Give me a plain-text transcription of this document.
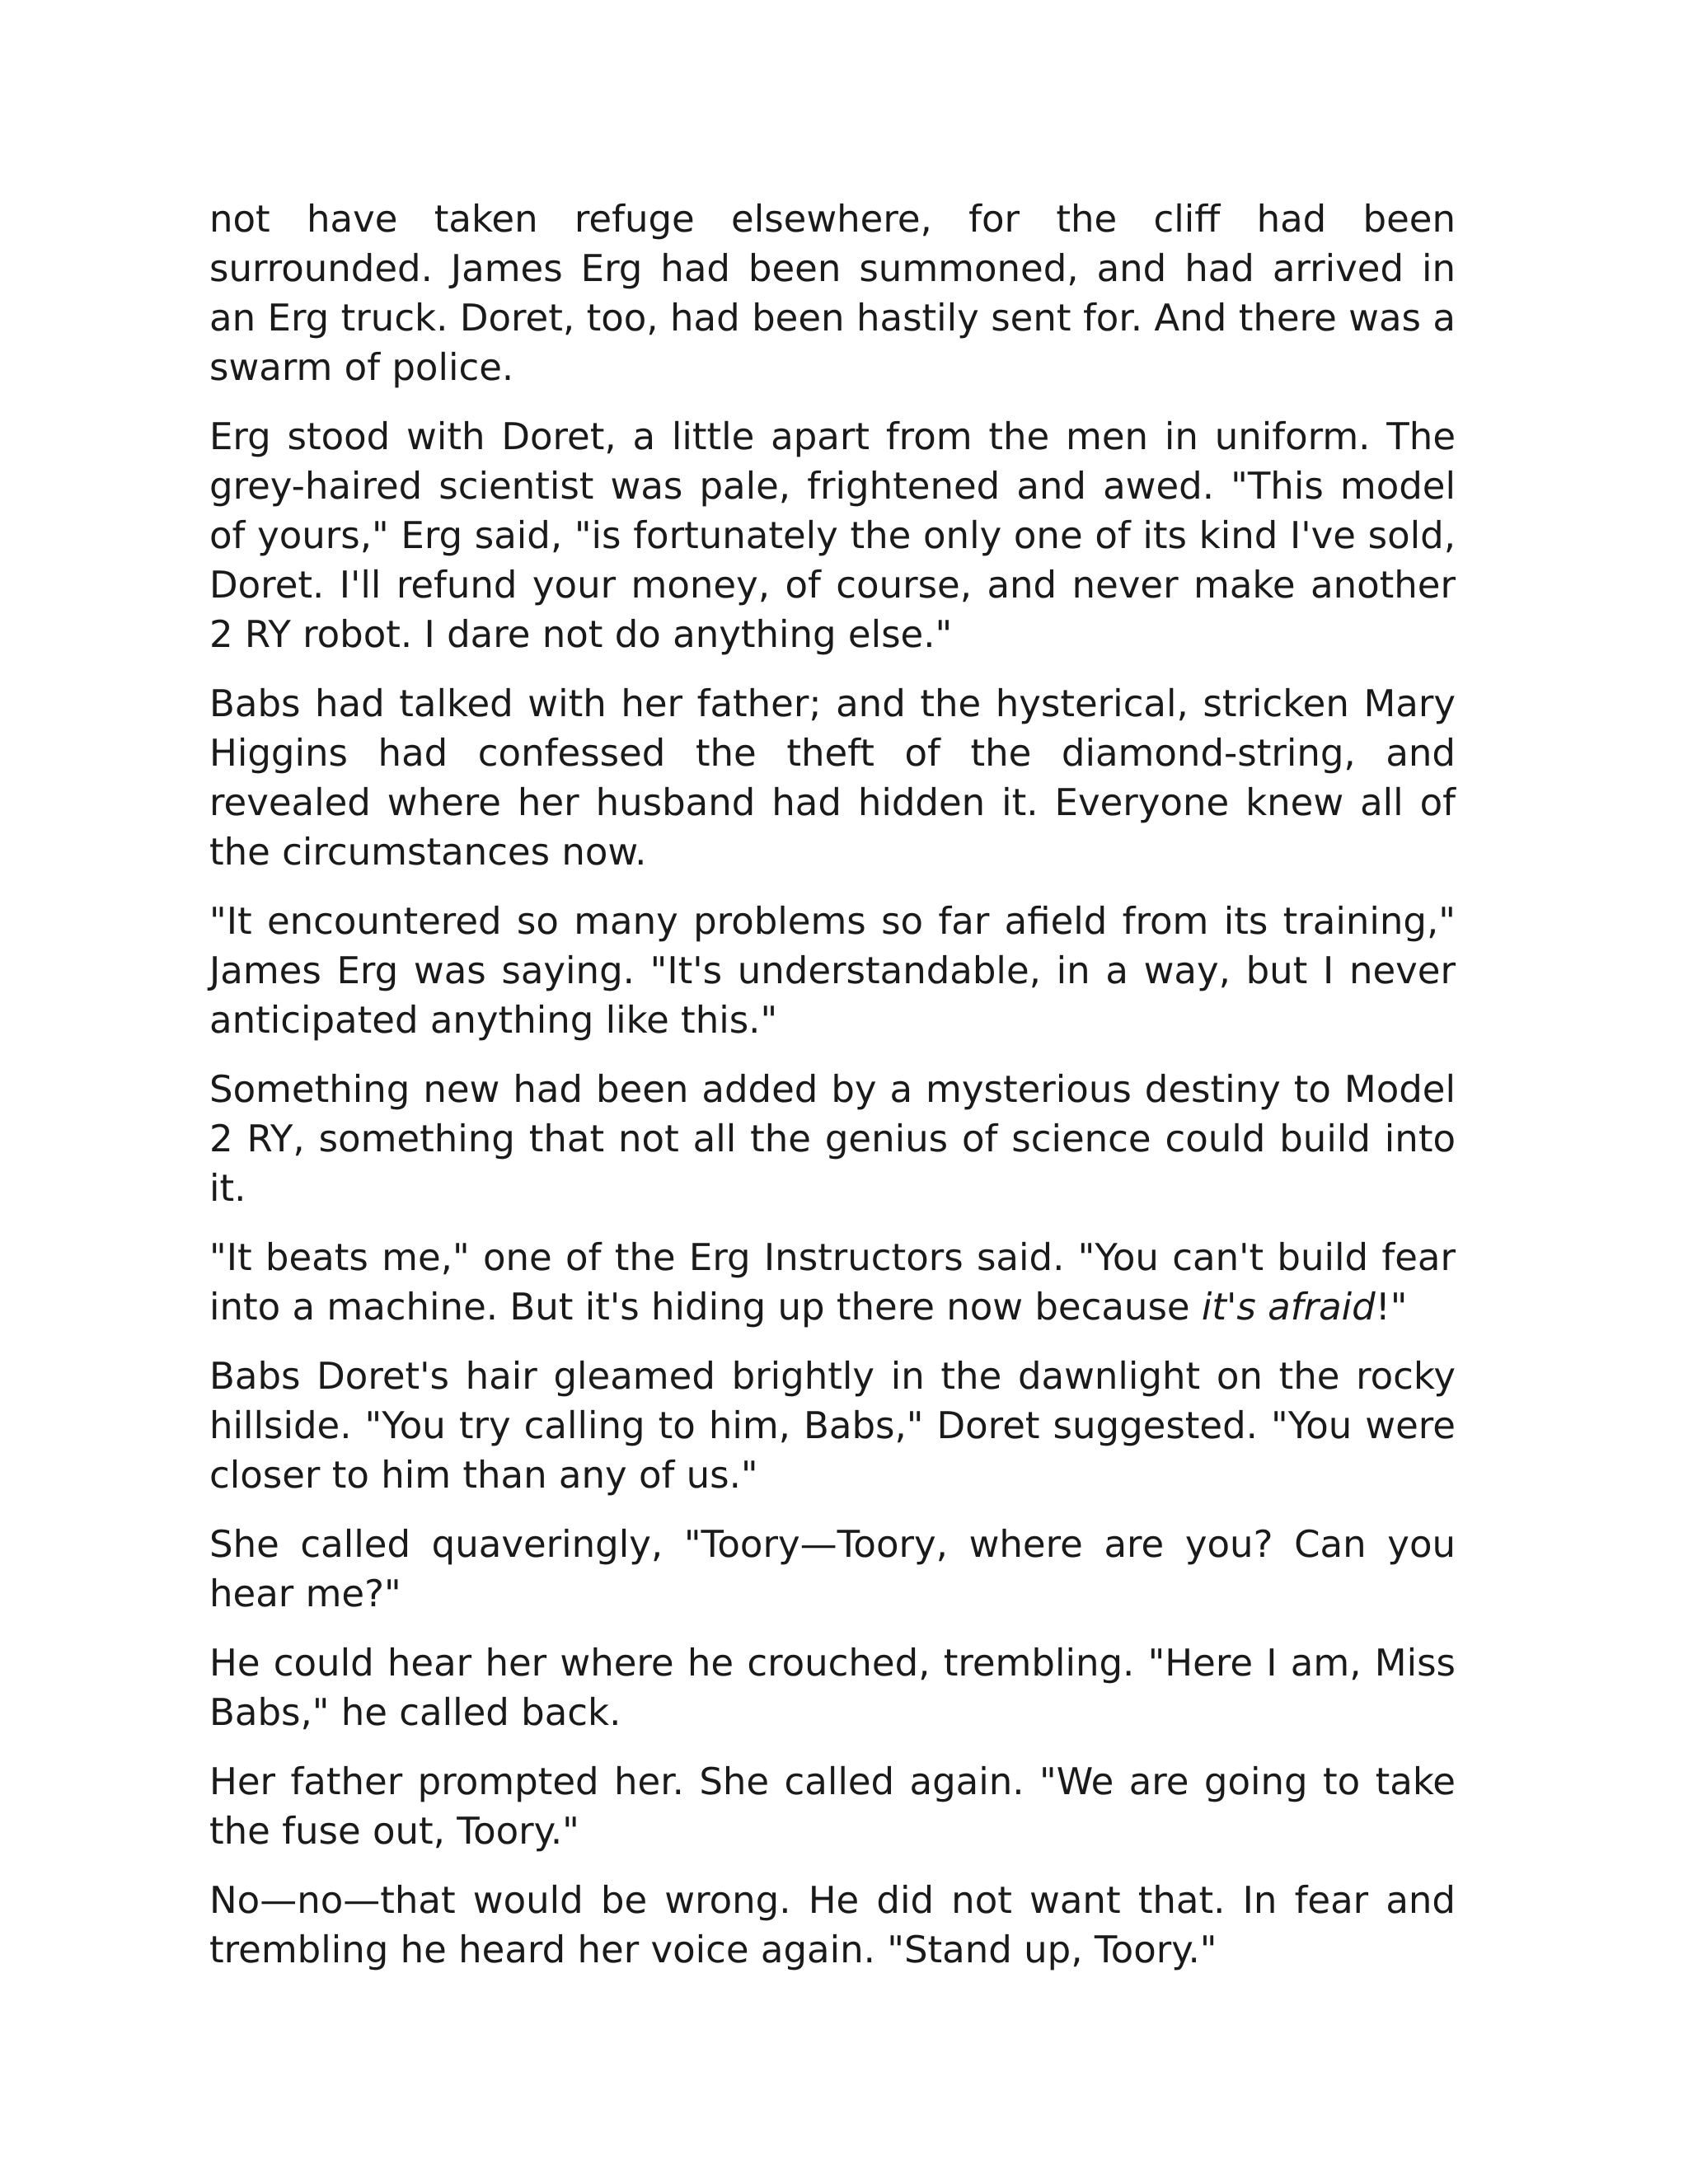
not have taken refuge elsewhere, for the cliff had been surrounded. James Erg had been summoned, and had arrived in an Erg truck. Doret, too, had been hastily sent for. And there was a swarm of police.

Erg stood with Doret, a little apart from the men in uniform. The grey-haired scientist was pale, frightened and awed. "This model of yours," Erg said, "is fortunately the only one of its kind I've sold, Doret. I'll refund your money, of course, and never make another 2 RY robot. I dare not do anything else."

Babs had talked with her father; and the hysterical, stricken Mary Higgins had confessed the theft of the diamond-string, and revealed where her husband had hidden it. Everyone knew all of the circumstances now.

"It encountered so many problems so far afield from its training," James Erg was saying. "It's understandable, in a way, but I never anticipated anything like this."

Something new had been added by a mysterious destiny to Model 2 RY, something that not all the genius of science could build into it.

"It beats me," one of the Erg Instructors said. "You can't build fear into a machine. But it's hiding up there now because it's afraid!"

Babs Doret's hair gleamed brightly in the dawnlight on the rocky hillside. "You try calling to him, Babs," Doret suggested. "You were closer to him than any of us."

She called quaveringly, "Toory—Toory, where are you? Can you hear me?"

He could hear her where he crouched, trembling. "Here I am, Miss Babs," he called back.

Her father prompted her. She called again. "We are going to take the fuse out, Toory."

No—no—that would be wrong. He did not want that. In fear and trembling he heard her voice again. "Stand up, Toory."
